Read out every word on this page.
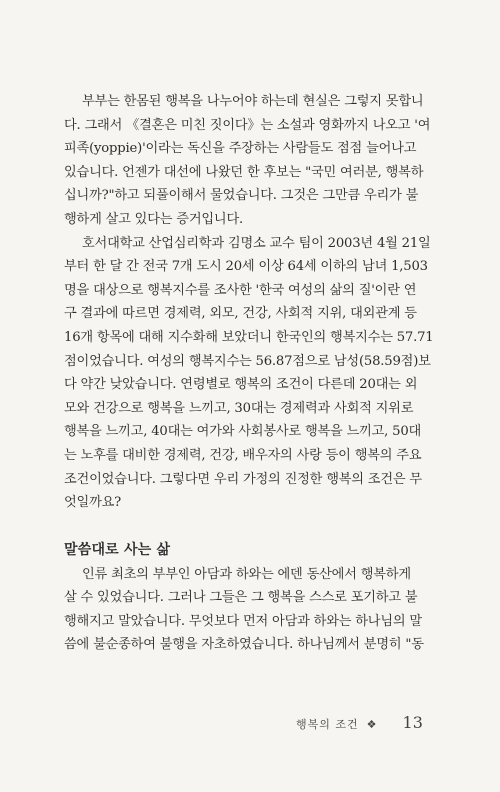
부부는 한몸된 행복을 나누어야 하는데 현실은 그렇지 못합니
다. 그래서 《결혼은 미친 짓이다》는 소설과 영화까지 나오고 '여
피족(yoppie)'이라는 독신을 주장하는 사람들도 점점 늘어나고
있습니다. 언젠가 대선에 나왔던 한 후보는 "국민 여러분, 행복하
십니까?"하고 되풀이해서 물었습니다. 그것은 그만큼 우리가 불
행하게 살고 있다는 증거입니다.

호서대학교 산업심리학과 김명소 교수 팀이 2003년 4월 21일
부터 한 달 간 전국 7개 도시 20세 이상 64세 이하의 남녀 1,503
명을 대상으로 행복지수를 조사한 '한국 여성의 삶의 질'이란 연
구 결과에 따르면 경제력, 외모, 건강, 사회적 지위, 대외관계 등
16개 항목에 대해 지수화해 보았더니 한국인의 행복지수는 57.71
점이었습니다. 여성의 행복지수는 56.87점으로 남성(58.59점)보
다 약간 낮았습니다. 연령별로 행복의 조건이 다른데 20대는 외
모와 건강으로 행복을 느끼고, 30대는 경제력과 사회적 지위로
행복을 느끼고, 40대는 여가와 사회봉사로 행복을 느끼고, 50대
는 노후를 대비한 경제력, 건강, 배우자의 사랑 등이 행복의 주요
조건이었습니다. 그렇다면 우리 가정의 진정한 행복의 조건은 무
엇일까요?

말씀대로 사는 삶

인류 최초의 부부인 아담과 하와는 에덴 동산에서 행복하게
살 수 있었습니다. 그러나 그들은 그 행복을 스스로 포기하고 불
행해지고 말았습니다. 무엇보다 먼저 아담과 하와는 하나님의 말
씀에 불순종하여 불행을 자초하였습니다. 하나님께서 분명히 "동

행복의 조건 ❖ 13
